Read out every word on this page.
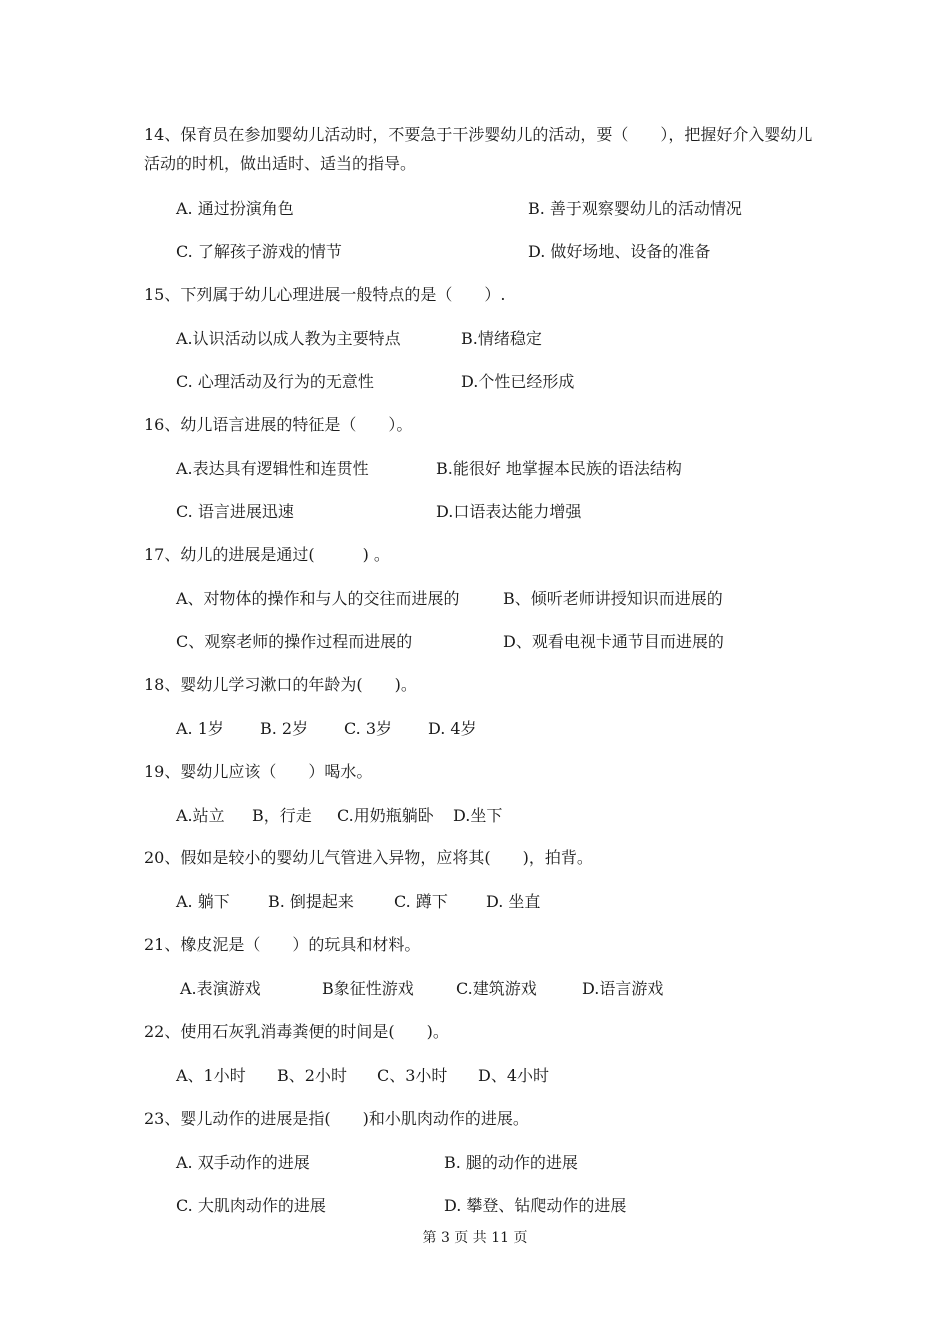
14、保育员在参加婴幼儿活动时，不要急于干涉婴幼儿的活动，要（　　），把握好介入婴幼儿活动的时机，做出适时、适当的指导。
A. 通过扮演角色	B. 善于观察婴幼儿的活动情况
C. 了解孩子游戏的情节	D. 做好场地、设备的准备
15、下列属于幼儿心理进展一般特点的是（　　）.
A.认识活动以成人教为主要特点	B.情绪稳定
C. 心理活动及行为的无意性	D.个性已经形成
16、幼儿语言进展的特征是（　　）。
A.表达具有逻辑性和连贯性	B.能很好 地掌握本民族的语法结构
C. 语言进展迅速	D.口语表达能力增强
17、幼儿的进展是通过(　　　) 。
A、对物体的操作和与人的交往而进展的	B、倾听老师讲授知识而进展的
C、观察老师的操作过程而进展的	D、观看电视卡通节目而进展的
18、婴幼儿学习漱口的年龄为(　　)。
A. 1岁 B. 2岁 C. 3岁 D. 4岁
19、婴幼儿应该（　　）喝水。
A.站立 B，行走 C.用奶瓶躺卧 D.坐下
20、假如是较小的婴幼儿气管进入异物，应将其(　　)，拍背。
A. 躺下 B. 倒提起来	C. 蹲下 D. 坐直
21、橡皮泥是（　　）的玩具和材料。
A.表演游戏	B象征性游戏	C.建筑游戏	D.语言游戏
22、使用石灰乳消毒粪便的时间是(　　)。
A、1小时 B、2小时 C、3小时 D、4小时
23、婴儿动作的进展是指(　　)和小肌肉动作的进展。
A. 双手动作的进展	B. 腿的动作的进展
C. 大肌肉动作的进展	D. 攀登、钻爬动作的进展
第 3 页 共 11 页
